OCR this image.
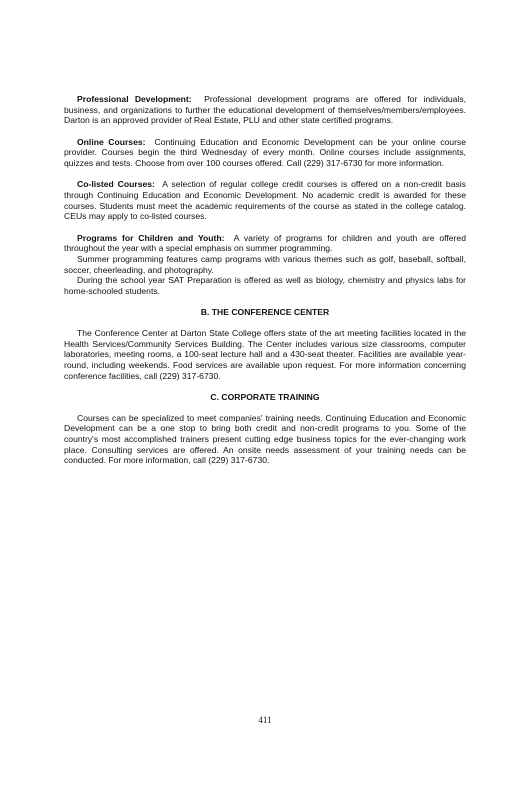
Professional Development: Professional development programs are offered for individuals, business, and organizations to further the educational development of themselves/members/employees. Darton is an approved provider of Real Estate, PLU and other state certified programs.

Online Courses: Continuing Education and Economic Development can be your online course provider. Courses begin the third Wednesday of every month. Online courses include assignments, quizzes and tests. Choose from over 100 courses offered. Call (229) 317-6730 for more information.

Co-listed Courses: A selection of regular college credit courses is offered on a non-credit basis through Continuing Education and Economic Development. No academic credit is awarded for these courses. Students must meet the academic requirements of the course as stated in the college catalog. CEUs may apply to co-listed courses.

Programs for Children and Youth: A variety of programs for children and youth are offered throughout the year with a special emphasis on summer programming.
Summer programming features camp programs with various themes such as golf, baseball, softball, soccer, cheerleading, and photography.
During the school year SAT Preparation is offered as well as biology, chemistry and physics labs for home-schooled students.
B. THE CONFERENCE CENTER

The Conference Center at Darton State College offers state of the art meeting facilities located in the Health Services/Community Services Building. The Center includes various size classrooms, computer laboratories, meeting rooms, a 100-seat lecture hall and a 430-seat theater. Facilities are available year-round, including weekends. Food services are available upon request. For more information concerning conference facilities, call (229) 317-6730.

C. CORPORATE TRAINING

Courses can be specialized to meet companies' training needs. Continuing Education and Economic Development can be a one stop to bring both credit and non-credit programs to you. Some of the country's most accomplished trainers present cutting edge business topics for the ever-changing work place. Consulting services are offered. An onsite needs assessment of your training needs can be conducted. For more information, call (229) 317-6730.

411
